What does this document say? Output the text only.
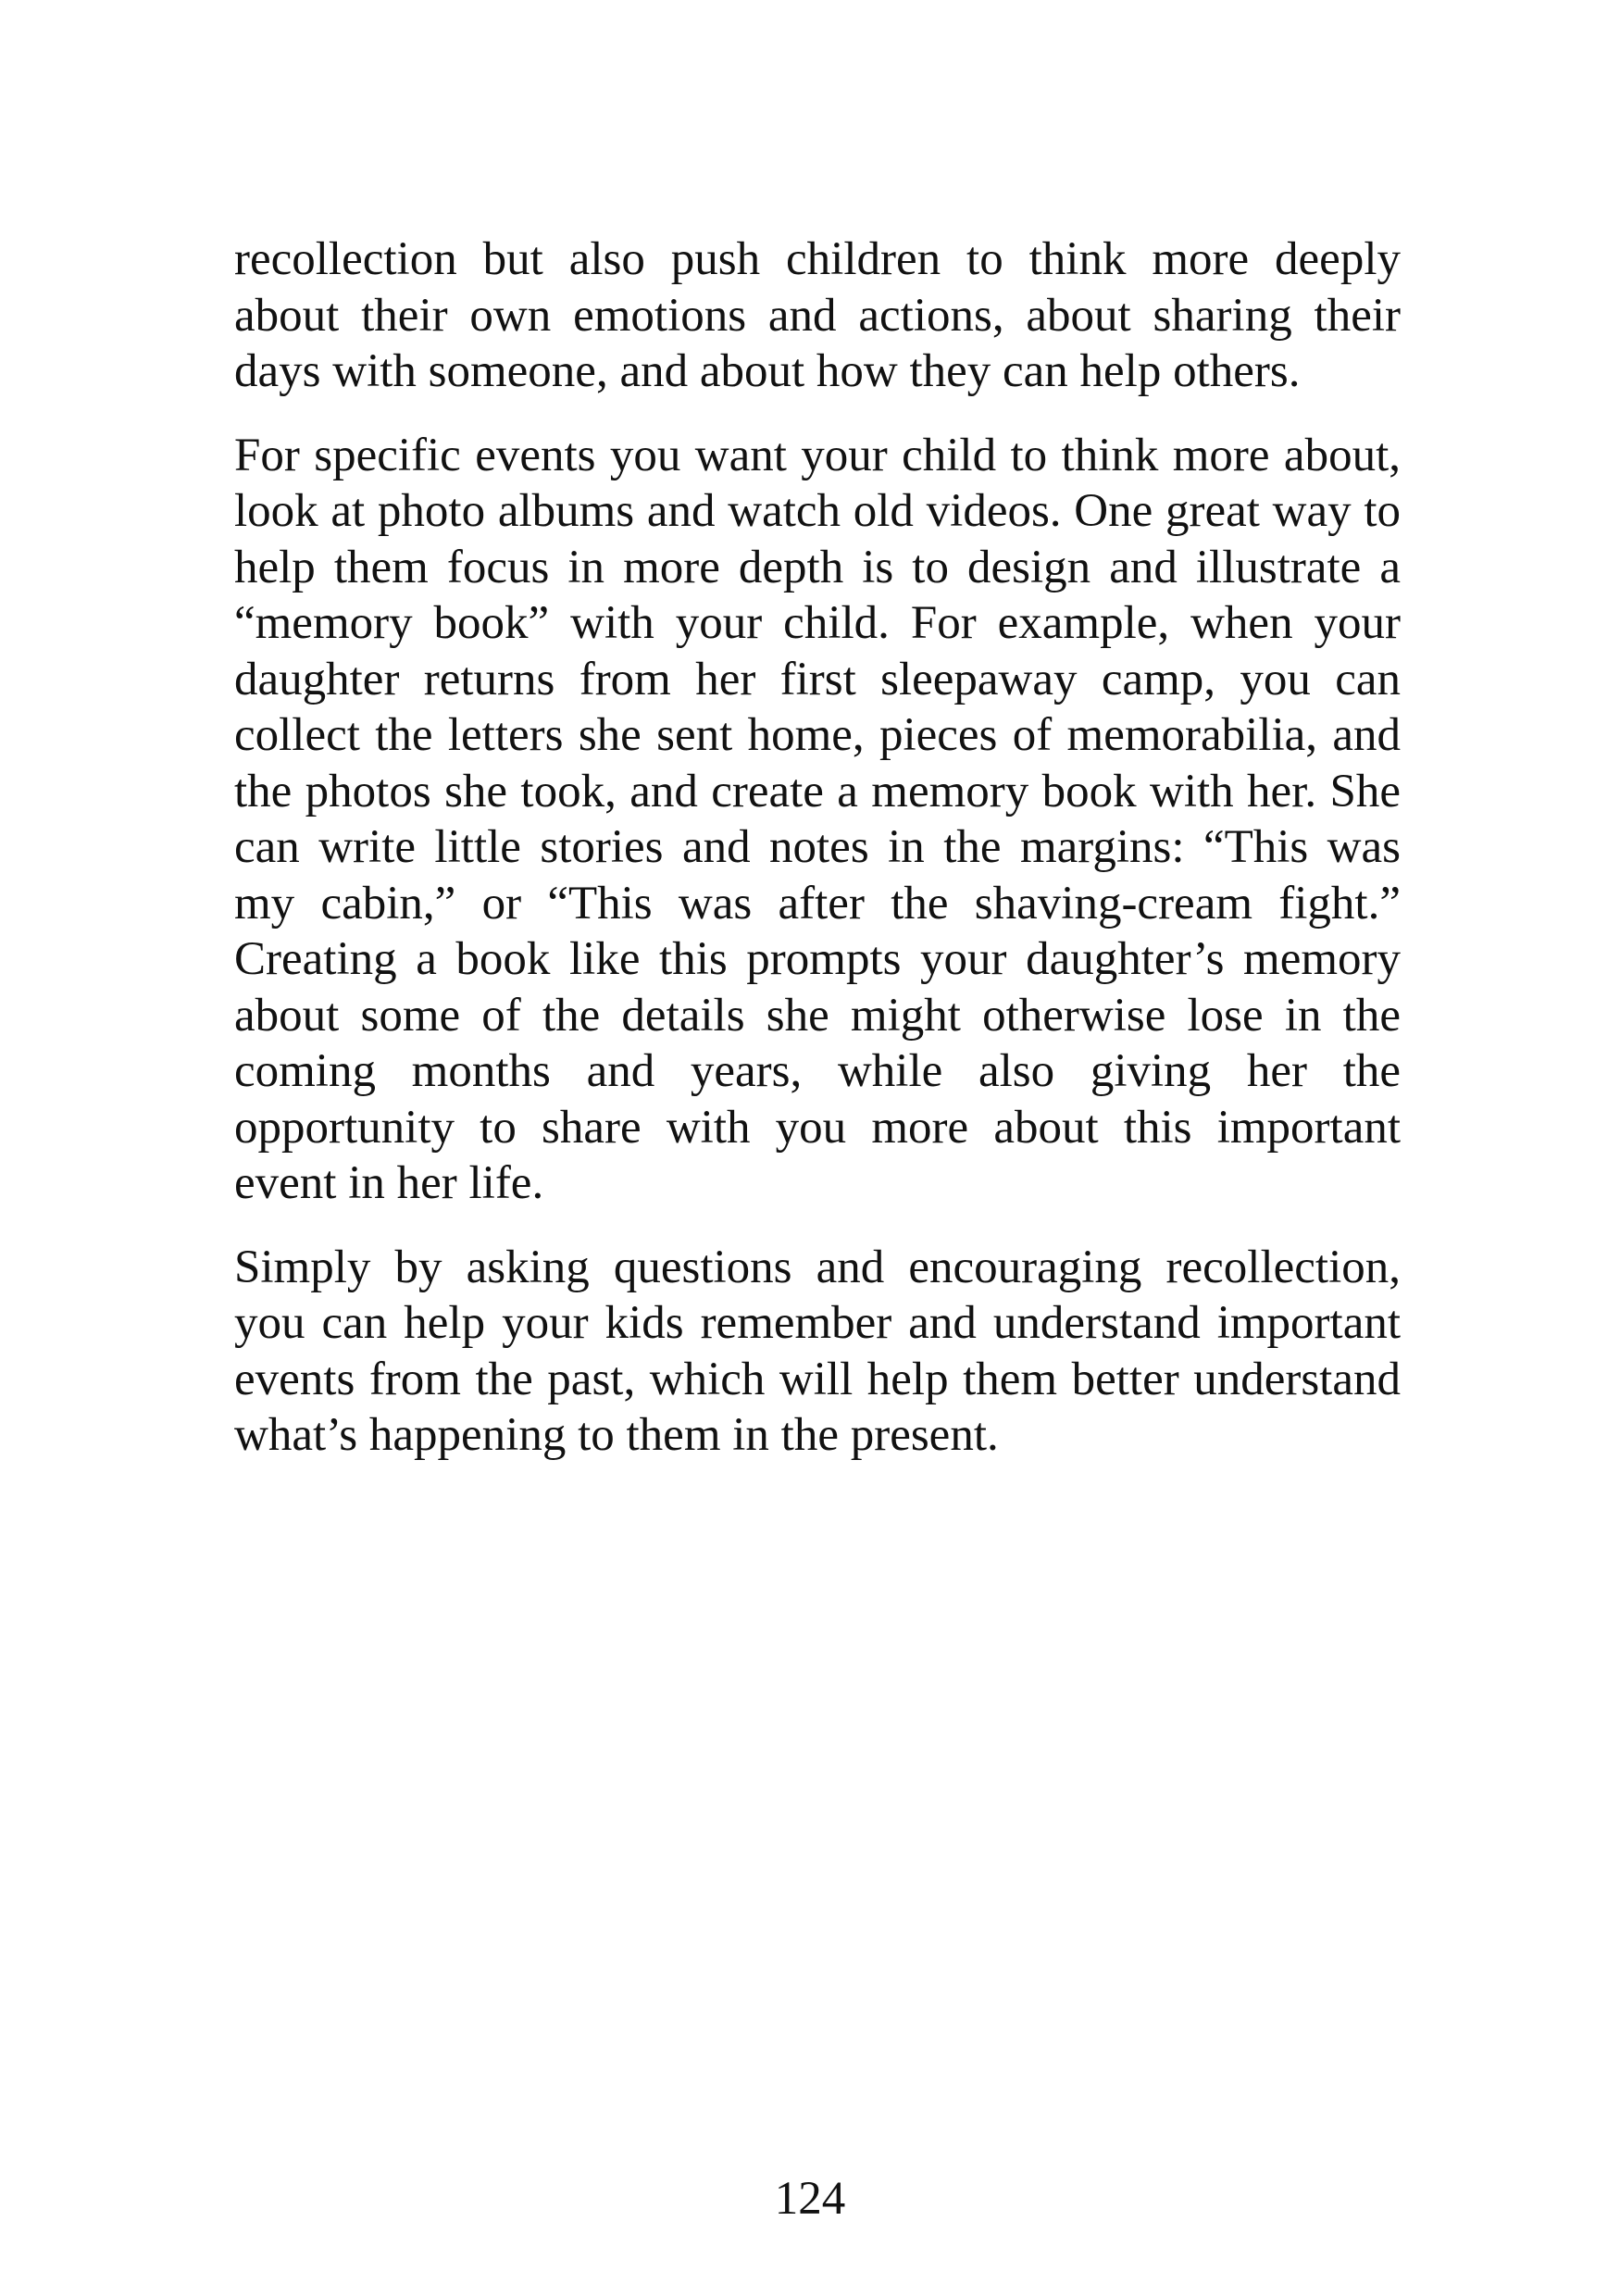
recollection but also push children to think more deeply about their own emotions and actions, about sharing their days with someone, and about how they can help others.

For specific events you want your child to think more about, look at photo albums and watch old videos. One great way to help them focus in more depth is to design and illustrate a “memory book” with your child. For example, when your daughter returns from her first sleepaway camp, you can collect the letters she sent home, pieces of memorabilia, and the photos she took, and create a memory book with her. She can write little stories and notes in the margins: “This was my cabin,” or “This was after the shaving-cream fight.” Creating a book like this prompts your daughter’s memory about some of the details she might otherwise lose in the coming months and years, while also giving her the opportunity to share with you more about this important event in her life.

Simply by asking questions and encouraging recollection, you can help your kids remember and understand important events from the past, which will help them better understand what’s happening to them in the present.

124
